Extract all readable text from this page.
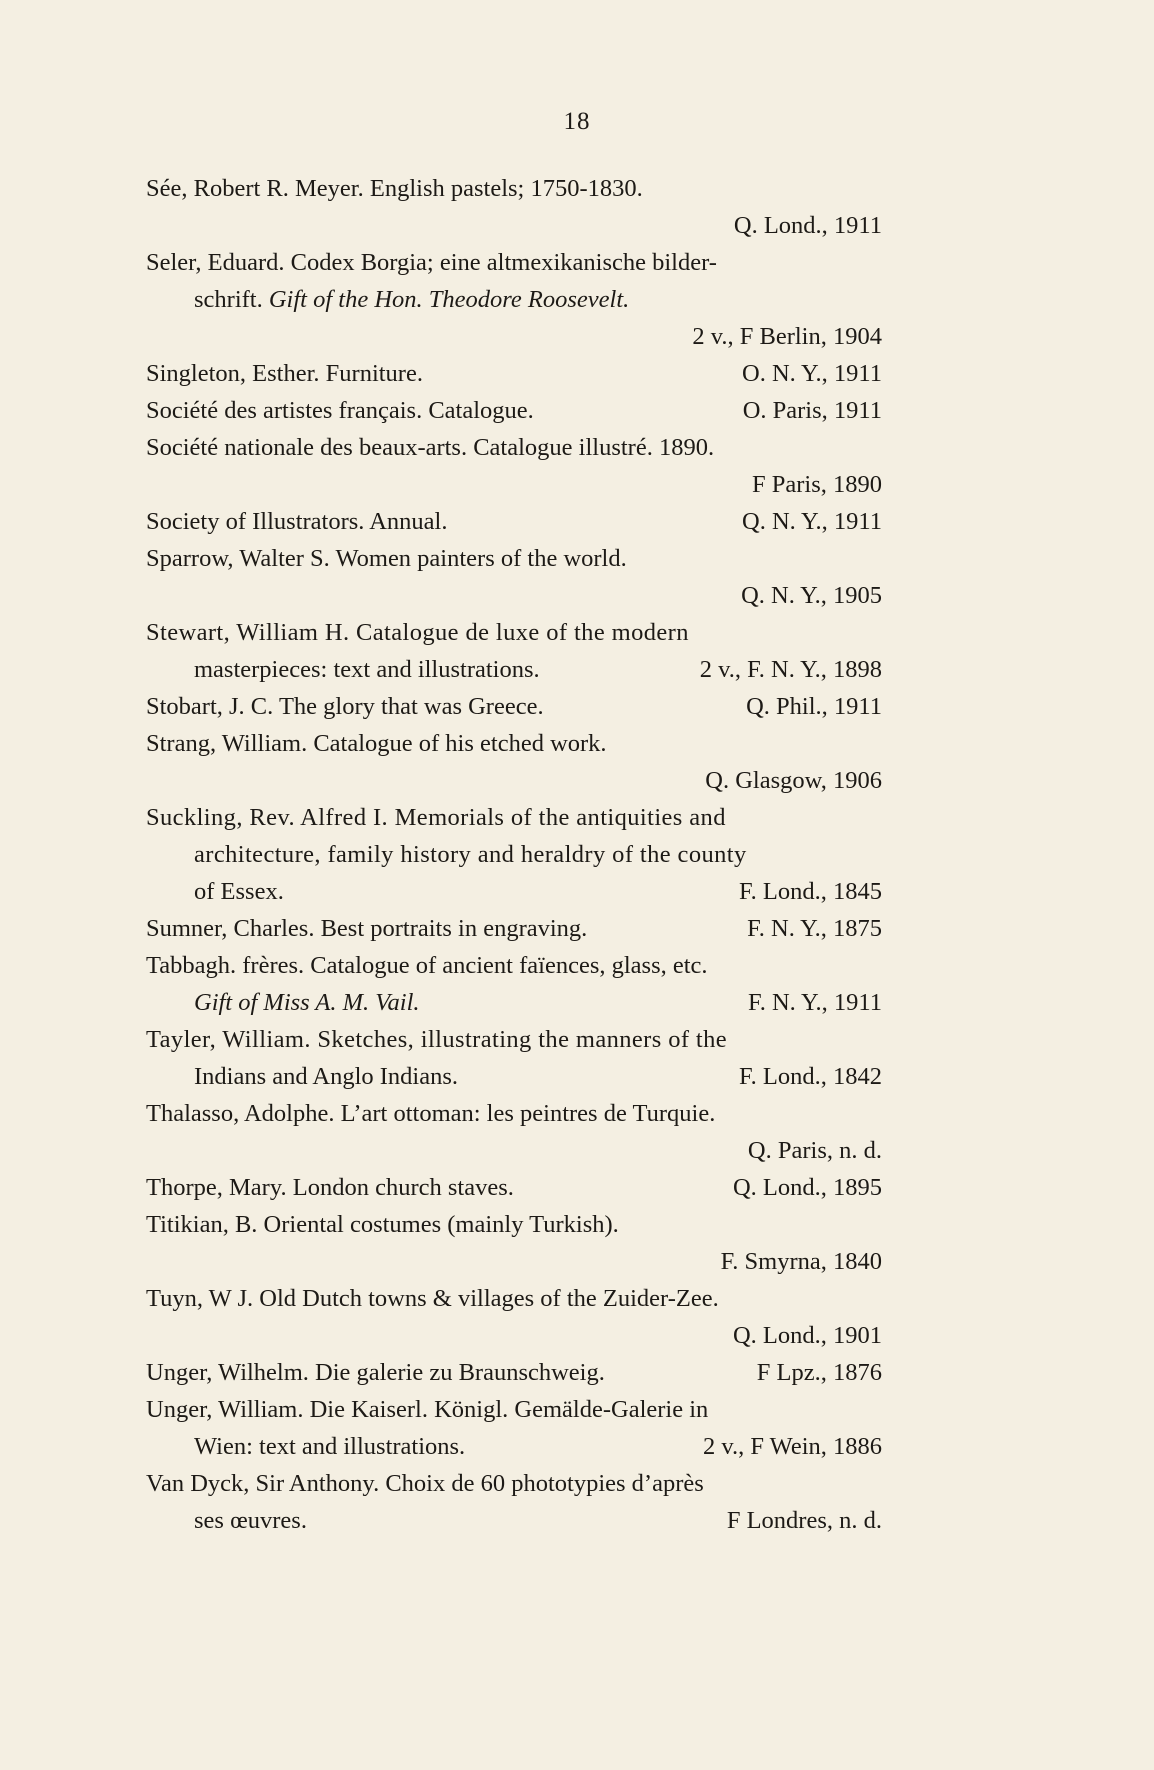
18
Sée, Robert R. Meyer. English pastels; 1750-1830.
Q. Lond., 1911
Seler, Eduard. Codex Borgia; eine altmexikanische bilder-
schrift. Gift of the Hon. Theodore Roosevelt.
2 v., F Berlin, 1904
Singleton, Esther. Furniture.	O. N. Y., 1911
Société des artistes français. Catalogue.	O. Paris, 1911
Société nationale des beaux-arts. Catalogue illustré. 1890.
F Paris, 1890
Society of Illustrators. Annual.	Q. N. Y., 1911
Sparrow, Walter S. Women painters of the world.
Q. N. Y., 1905
Stewart, William H. Catalogue de luxe of the modern
masterpieces: text and illustrations.	2 v., F. N. Y., 1898
Stobart, J. C. The glory that was Greece.	Q. Phil., 1911
Strang, William. Catalogue of his etched work.
Q. Glasgow, 1906
Suckling, Rev. Alfred I. Memorials of the antiquities and
architecture, family history and heraldry of the county
of Essex.	F. Lond., 1845
Sumner, Charles. Best portraits in engraving.	F. N. Y., 1875
Tabbagh. frères. Catalogue of ancient faïences, glass, etc.
Gift of Miss A. M. Vail.	F. N. Y., 1911
Tayler, William. Sketches, illustrating the manners of the
Indians and Anglo Indians.	F. Lond., 1842
Thalasso, Adolphe. L’art ottoman: les peintres de Turquie.
Q. Paris, n. d.
Thorpe, Mary. London church staves.	Q. Lond., 1895
Titikian, B. Oriental costumes (mainly Turkish).
F. Smyrna, 1840
Tuyn, W J. Old Dutch towns & villages of the Zuider-Zee.
Q. Lond., 1901
Unger, Wilhelm. Die galerie zu Braunschweig.	F Lpz., 1876
Unger, William. Die Kaiserl. Königl. Gemälde-Galerie in
Wien: text and illustrations.	2 v., F Wein, 1886
Van Dyck, Sir Anthony. Choix de 60 phototypies d’après
ses œuvres.	F Londres, n. d.
